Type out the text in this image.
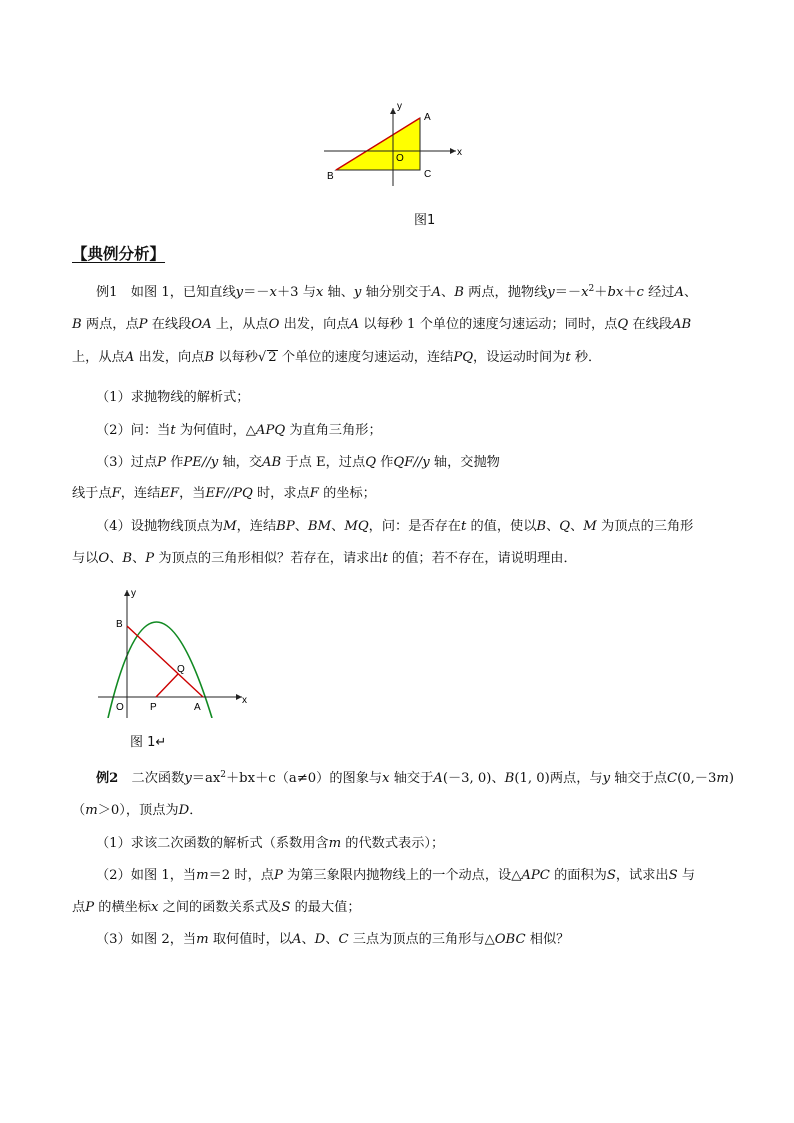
y
x
A
O
B	C
图1
【典例分析】
例1　如图 1，已知直线y＝－x＋3 与x 轴、y 轴分别交于A、B 两点，抛物线$y=-x^2+bx+c$ 经过A、
B 两点，点P 在线段OA 上，从点O 出发，向点A 以每秒 1 个单位的速度匀速运动；同时，点Q 在线段AB
上，从点A 出发，向点B 以每秒√ 2 个单位的速度匀速运动，连结PQ，设运动时间为t 秒．
（1）求抛物线的解析式；
（2）问：当t 为何值时，△APQ 为直角三角形；
（3）过点P 作PE//y 轴，交AB 于点 E，过点Q 作QF//y 轴，交抛物
线于点F，连结EF，当EF//PQ 时，求点F 的坐标；
（4）设抛物线顶点为M，连结BP、BM、MQ，问：是否存在t 的值，使以B、Q、M 为顶点的三角形
与以O、B、P 为顶点的三角形相似？若存在，请求出t 的值；若不存在，请说明理由．
y
x
B
Q
O	P	A
图 1↵
例2　二次函数$y=ax^2+bx+c(a\ne 0)$的图象与x 轴交于A(－3, 0)、B(1, 0)两点，与y 轴交于点C(0,－3m)
（m＞0），顶点为D．
（1）求该二次函数的解析式（系数用含m 的代数式表示）；
（2）如图 1，当m＝2 时，点P 为第三象限内抛物线上的一个动点，设△APC 的面积为S，试求出S 与
点P 的横坐标x 之间的函数关系式及S 的最大值；
（3）如图 2，当m 取何值时，以A、D、C 三点为顶点的三角形与△OBC 相似？
